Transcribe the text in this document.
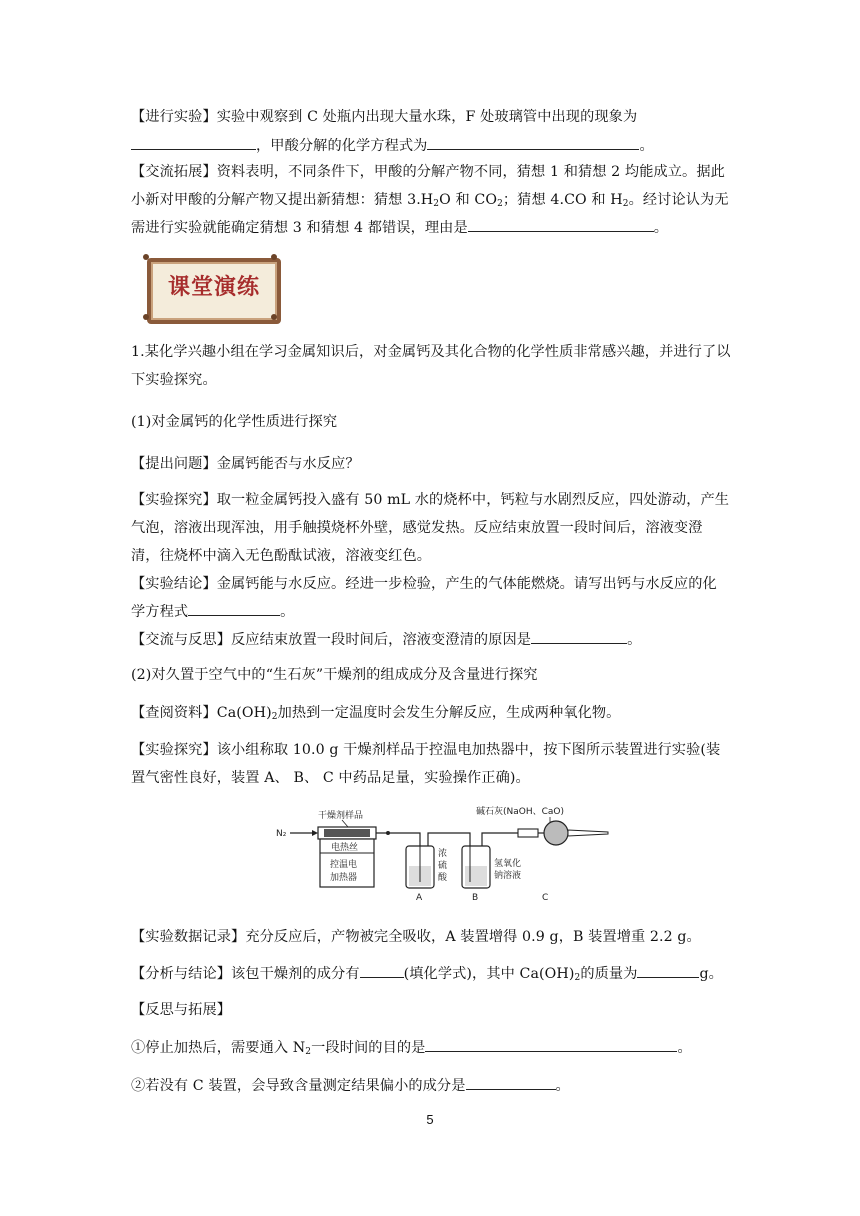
【进行实验】实验中观察到 C 处瓶内出现大量水珠，F 处玻璃管中出现的现象为
，甲酸分解的化学方程式为	。
【交流拓展】资料表明，不同条件下，甲酸的分解产物不同，猜想 1 和猜想 2 均能成立。据此小新对甲酸的分解产物又提出新猜想：猜想 $3.H_2O$ 和 $CO_2$；猜想 4.CO 和 $H_2$。经讨论认为无需进行实验就能确定猜想 3 和猜想 4 都错误，理由是	。
课堂演练
1.某化学兴趣小组在学习金属知识后，对金属钙及其化合物的化学性质非常感兴趣，并进行了以下实验探究。
(1)对金属钙的化学性质进行探究
【提出问题】金属钙能否与水反应？
【实验探究】取一粒金属钙投入盛有 50 mL 水的烧杯中，钙粒与水剧烈反应，四处游动，产生气泡，溶液出现浑浊，用手触摸烧杯外壁，感觉发热。反应结束放置一段时间后，溶液变澄清，往烧杯中滴入无色酚酞试液，溶液变红色。
【实验结论】金属钙能与水反应。经进一步检验，产生的气体能燃烧。请写出钙与水反应的化学方程式	。
【交流与反思】反应结束放置一段时间后，溶液变澄清的原因是	。
(2)对久置于空气中的“生石灰”干燥剂的组成成分及含量进行探究
【查阅资料】$Ca(OH)_2$加热到一定温度时会发生分解反应，生成两种氧化物。
【实验探究】该小组称取 10.0 g 干燥剂样品于控温电加热器中，按下图所示装置进行实验(装置气密性良好，装置 A、 B、 C 中药品足量，实验操作正确)。
N₂
干燥剂样品
电热丝
控温电
加热器
浓
硫
酸
A
氢氧化
钠溶液
B
碱石灰(NaOH、CaO)
C
【实验数据记录】充分反应后，产物被完全吸收，A 装置增得 0.9 g，B 装置增重 2.2 g。
【分析与结论】该包干燥剂的成分有	(填化学式)，其中 $Ca(OH)_2$的质量为	g。
【反思与拓展】
①停止加热后，需要通入 $N_2$一段时间的目的是	。
②若没有 C 装置，会导致含量测定结果偏小的成分是	。
5
